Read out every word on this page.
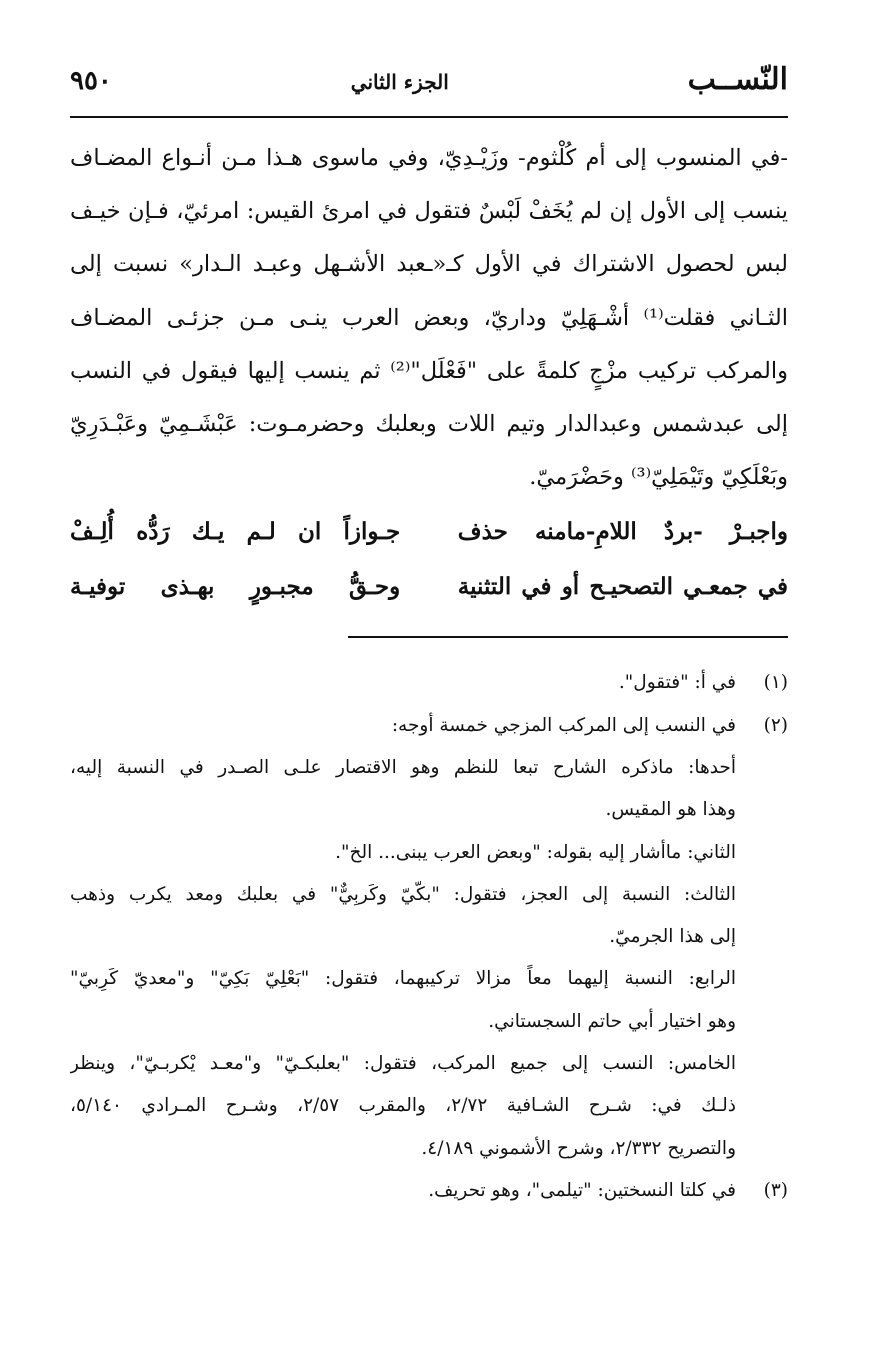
النّســب
الجزء الثاني
٩٥٠
-في المنسوب إلى أم كُلْثوم- وزَيْـدِيّ، وفي ماسوى هـذا مـن أنـواع المضـاف
ينسب إلى الأول إن لم يُخَفْ لَبْسٌ فتقول في امرئ القيس: امرئيّ، فـإن خيـف
لبس لحصول الاشتراك في الأول كـ«ـعبد الأشـهل وعبـد الـدار» نسبت إلى
الثـاني فقلت⁽¹⁾ أشْـهَلِيّ وداريّ، وبعض العرب ينـى مـن جزئـى المضـاف
والمركب تركيب مزْجٍ كلمةً على "فَعْلَل"⁽²⁾ ثم ينسب إليها فيقول في النسب
إلى عبدشمس وعبدالدار وتيم اللات وبعلبك وحضرمـوت: عَبْشَـمِيّ وعَبْـدَرِيّ
وبَعْلَكِيّ وتَيْمَلِيّ⁽³⁾ وحَضْرَميّ.
واجبـرْ -بردٌ اللامِ-مامنه حذف
جـوازاً ان لـم يـك رَدُّه أُلِـفْ
في جمعـي التصحيـح أو في التثنية
وحـقُّ مجبـورٍ بهـذى توفيـة
(١)
في أ: "فتقول".
(٢)
في النسب إلى المركب المزجي خمسة أوجه:
أحدها: ماذكره الشارح تبعا للنظم وهو الاقتصار علـى الصـدر في النسبة إليه،
وهذا هو المقيس.
الثاني: ماأشار إليه بقوله: "وبعض العرب يبنى... الخ".
الثالث: النسبة إلى العجز، فتقول: "بكّيّ وكَربِيٌّ" في بعلبك ومعد يكرب وذهب
إلى هذا الجرميّ.
الرابع: النسبة إليهما معاً مزالا تركيبهما، فتقول: "بَعْلِيّ بَكِيّ" و"معديّ كَرِبيّ"
وهو اختيار أبي حاتم السجستاني.
الخامس: النسب إلى جميع المركب، فتقول: "بعلبكـيّ" و"معـد يْكربـيّ"، وينظر
ذلـك في: شـرح الشـافية ٢/٧٢، والمقرب ٢/٥٧، وشـرح المـرادي ٥/١٤٠،
والتصريح ٢/٣٣٢، وشرح الأشموني ٤/١٨٩.
(٣)
في كلتا النسختين: "تيلمى"، وهو تحريف.
